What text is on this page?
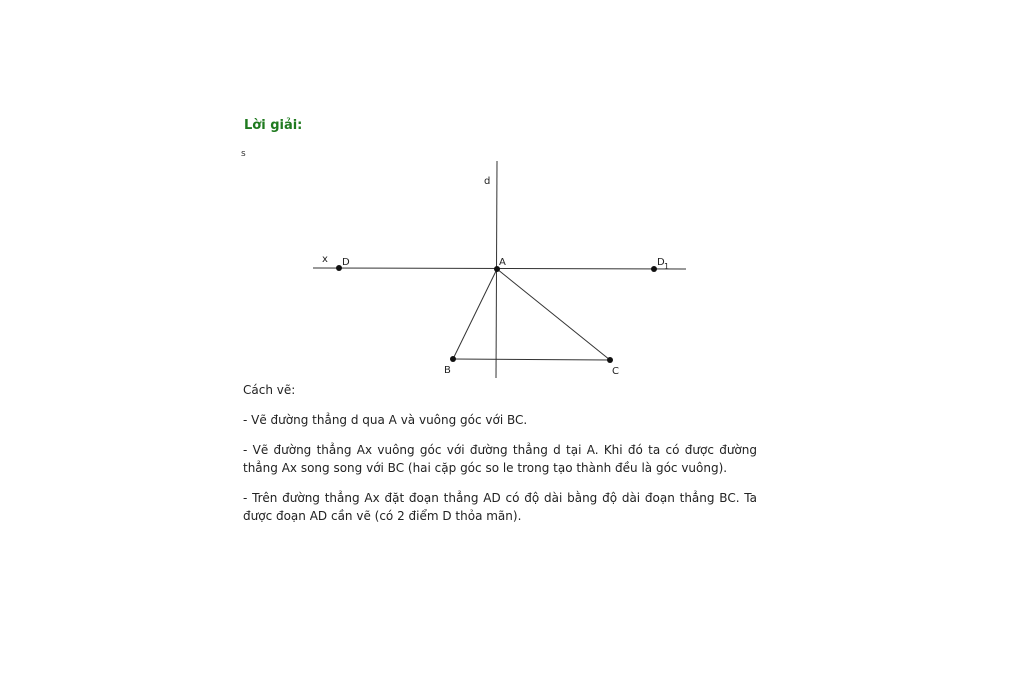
Lời giải:
s
d
x D	A	D 1
B	C
Cách vẽ:
- Vẽ đường thẳng d qua A và vuông góc với BC.
- Vẽ đường thẳng Ax vuông góc với đường thẳng d tại A. Khi đó ta có được đường thẳng Ax song song với BC (hai cặp góc so le trong tạo thành đều là góc vuông).
- Trên đường thẳng Ax đặt đoạn thẳng AD có độ dài bằng độ dài đoạn thẳng BC. Ta được đoạn AD cần vẽ (có 2 điểm D thỏa mãn).
